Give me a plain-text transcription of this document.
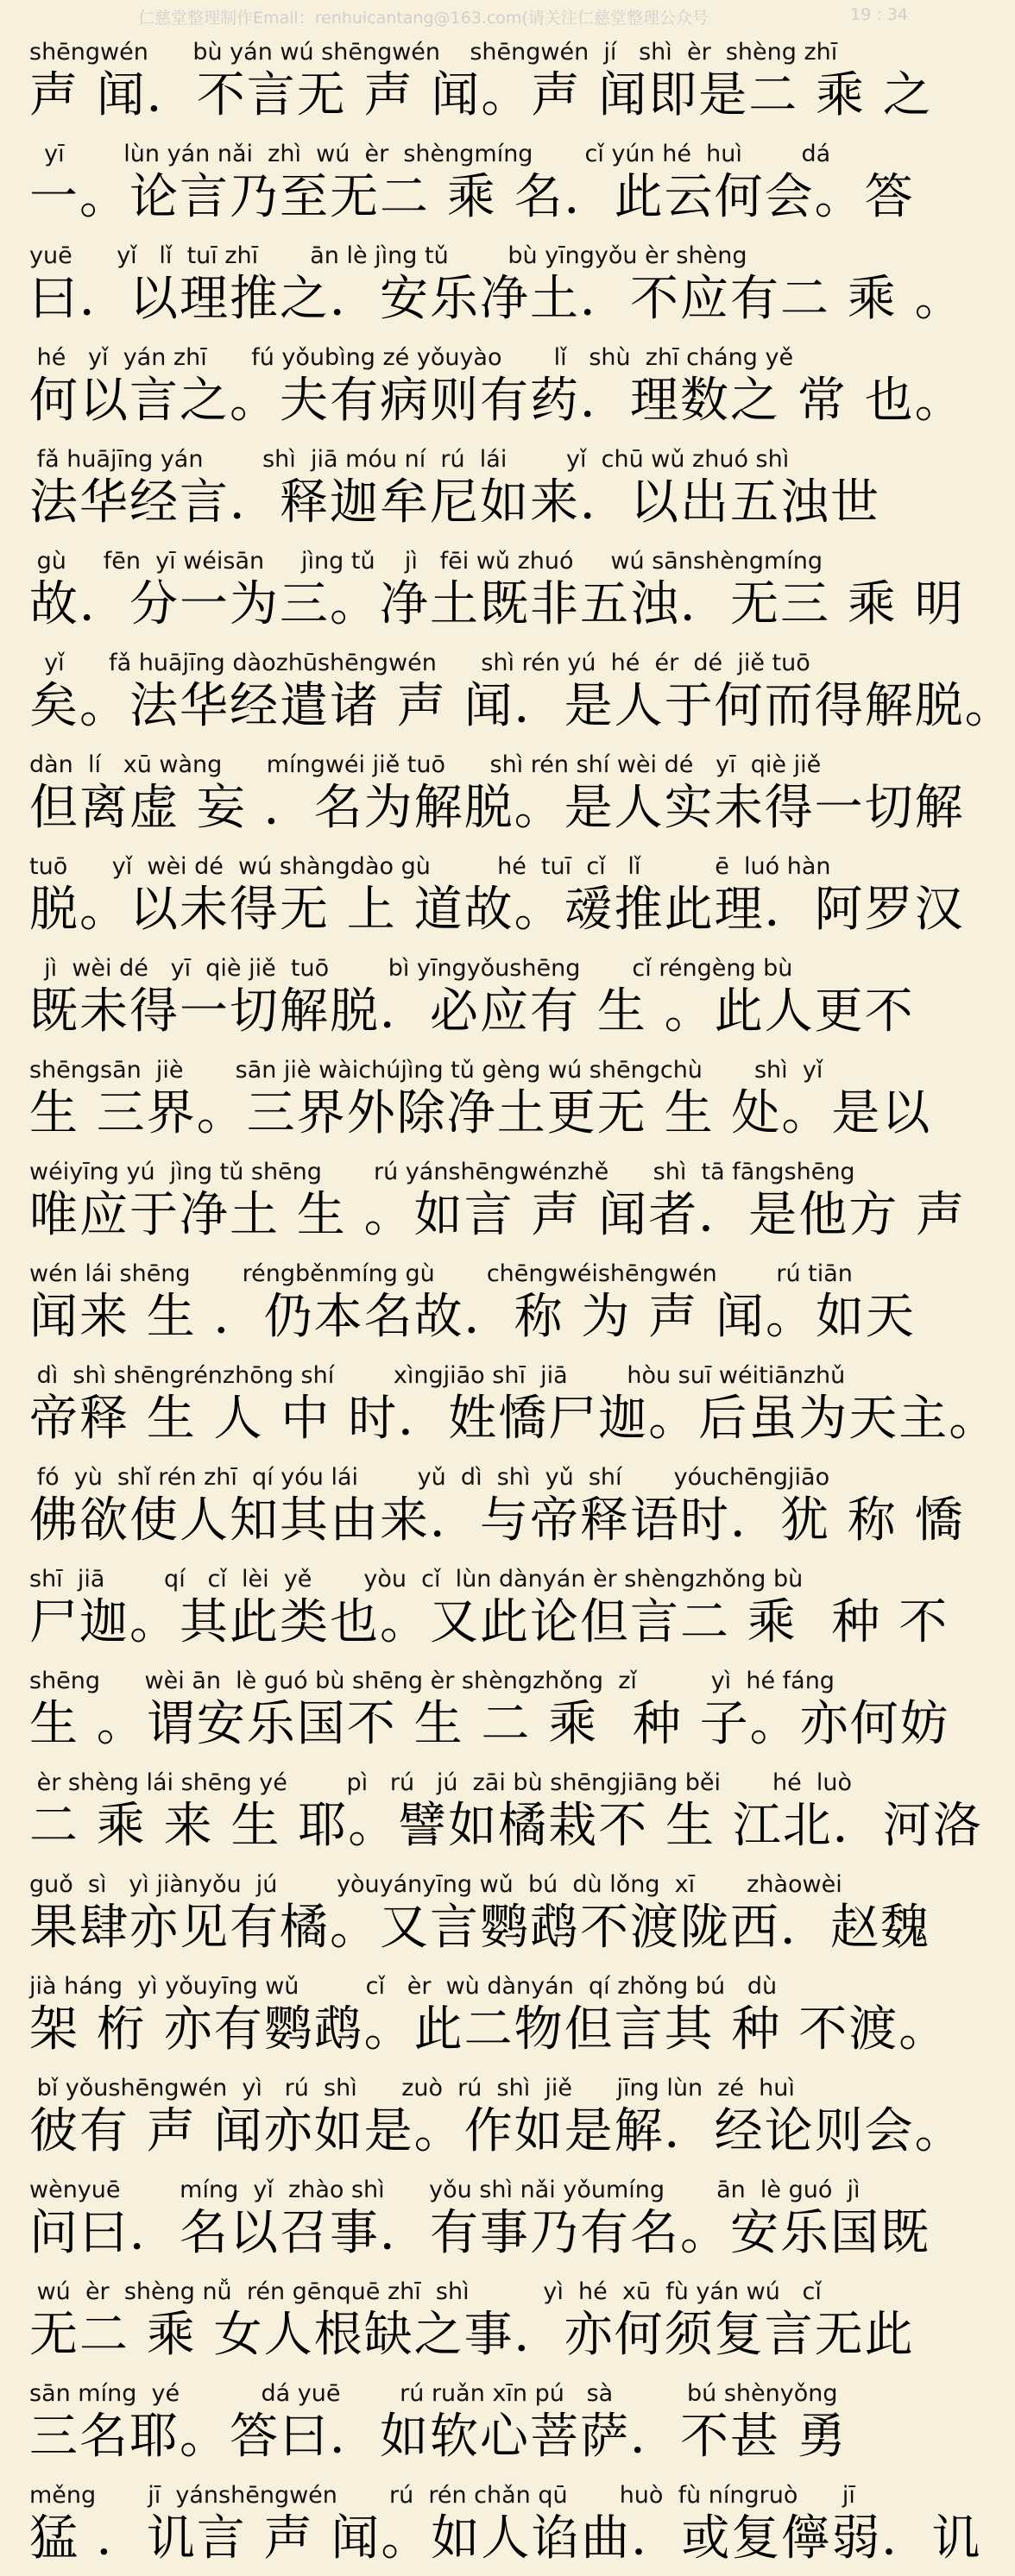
仁慈堂整理制作Email：renhuicantang@163.com(请关注仁慈堂整理公众号	19 : 34
shēngwén      bù yán wú shēngwén    shēngwén  jí   shì  èr  shèng zhī
声 闻．不言无 声 闻。声 闻即是二 乘 之
yī        lùn yán nǎi  zhì  wú  èr  shèngmíng       cǐ yún hé  huì        dá
一。论言乃至无二 乘 名．此云何会。答
yuē      yǐ   lǐ  tuī zhī       ān lè jìng tǔ        bù yīngyǒu èr shèng
曰．以理推之．安乐净土．不应有二 乘 。
hé   yǐ  yán zhī      fú yǒubìng zé yǒuyào       lǐ   shù  zhī cháng yě
何以言之。夫有病则有药．理数之 常 也。
fǎ huājīng yán        shì  jiā móu ní  rú  lái        yǐ  chū wǔ zhuó shì
法华经言．释迦牟尼如来．以出五浊世
gù     fēn  yī wéisān     jìng tǔ    jì   fēi wǔ zhuó     wú sānshèngmíng
故．分一为三。净土既非五浊．无三 乘 明
yǐ      fǎ huājīng dàozhūshēngwén      shì rén yú  hé  ér  dé  jiě tuō
矣。法华经遣诸 声 闻．是人于何而得解脱。
dàn  lí   xū wàng      míngwéi jiě tuō      shì rén shí wèi dé   yī  qiè jiě
但离虚 妄 ．名为解脱。是人实未得一切解
tuō      yǐ  wèi dé  wú shàngdào gù         hé  tuī  cǐ   lǐ          ē  luó hàn
脱。以未得无 上 道故。叆推此理．阿罗汉
jì  wèi dé   yī  qiè jiě  tuō        bì yīngyǒushēng       cǐ réngèng bù
既未得一切解脱．必应有 生 。此人更不
shēngsān  jiè       sān jiè wàichújìng tǔ gèng wú shēngchù       shì  yǐ
生 三界。三界外除净土更无 生 处。是以
wéiyīng yú  jìng tǔ shēng       rú yánshēngwénzhě      shì  tā fāngshēng
唯应于净土 生 。如言 声 闻者．是他方 声
wén lái shēng       réngběnmíng gù       chēngwéishēngwén        rú tiān
闻来 生 ．仍本名故．称 为 声 闻。如天
dì  shì shēngrénzhōng shí        xìngjiāo shī  jiā        hòu suī wéitiānzhǔ
帝释 生 人 中 时．姓憍尸迦。后虽为天主。
fó  yù  shǐ rén zhī  qí yóu lái        yǔ  dì  shì  yǔ  shí       yóuchēngjiāo
佛欲使人知其由来．与帝释语时．犹 称 憍
shī  jiā        qí   cǐ  lèi  yě       yòu  cǐ  lùn dànyán èr shèngzhǒng bù
尸迦。其此类也。又此论但言二 乘  种 不
shēng      wèi ān  lè guó bù shēng èr shèngzhǒng  zǐ          yì  hé fáng
生 。谓安乐国不 生 二 乘  种 子。亦何妨
èr shèng lái shēng yé        pì   rú   jú  zāi bù shēngjiāng běi       hé  luò
二 乘 来 生 耶。譬如橘栽不 生 江北．河洛
guǒ  sì   yì jiànyǒu  jú        yòuyányīng wǔ  bú  dù lǒng  xī       zhàowèi
果肆亦见有橘。又言鹦鹉不渡陇西．赵魏
jià háng  yì yǒuyīng wǔ         cǐ   èr  wù dànyán  qí zhǒng bú   dù
架 桁 亦有鹦鹉。此二物但言其 种 不渡。
bǐ yǒushēngwén  yì   rú  shì      zuò  rú  shì  jiě      jīng lùn  zé  huì
彼有 声 闻亦如是。作如是解．经论则会。
wènyuē        míng  yǐ  zhào shì      yǒu shì nǎi yǒumíng       ān  lè guó  jì
问曰．名以召事．有事乃有名。安乐国既
wú  èr  shèng nǚ  rén gēnquē zhī  shì          yì  hé  xū  fù yán wú   cǐ
无二 乘 女人根缺之事．亦何须复言无此
sān míng  yé           dá yuē        rú ruǎn xīn pú   sà          bú shènyǒng
三名耶。答曰．如软心菩萨．不甚 勇
měng       jī  yánshēngwén       rú  rén chǎn qū       huò  fù níngruò      jī
猛 ．讥言 声 闻。如人谄曲．或复儜弱．讥
